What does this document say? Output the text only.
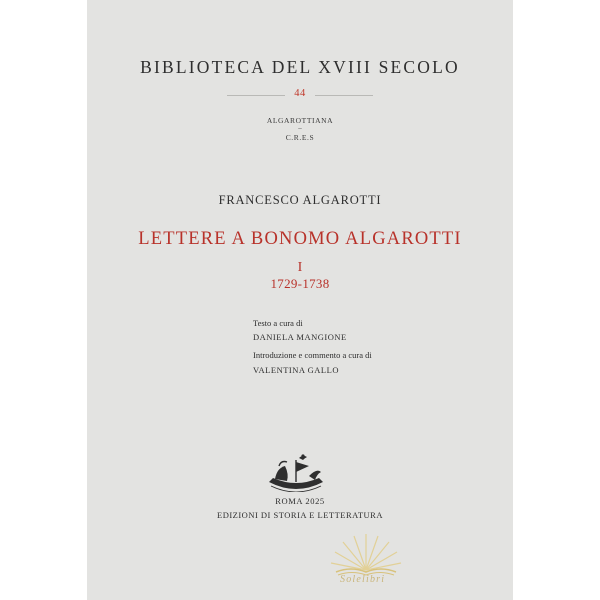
BIBLIOTECA DEL XVIII SECOLO
44
ALGAROTTIANA
–
C.R.E.S
FRANCESCO ALGAROTTI
LETTERE A BONOMO ALGAROTTI
I
1729-1738
Testo a cura di
DANIELA MANGIONE
Introduzione e commento a cura di
VALENTINA GALLO
ROMA 2025
EDIZIONI DI STORIA E LETTERATURA
Solelibri
